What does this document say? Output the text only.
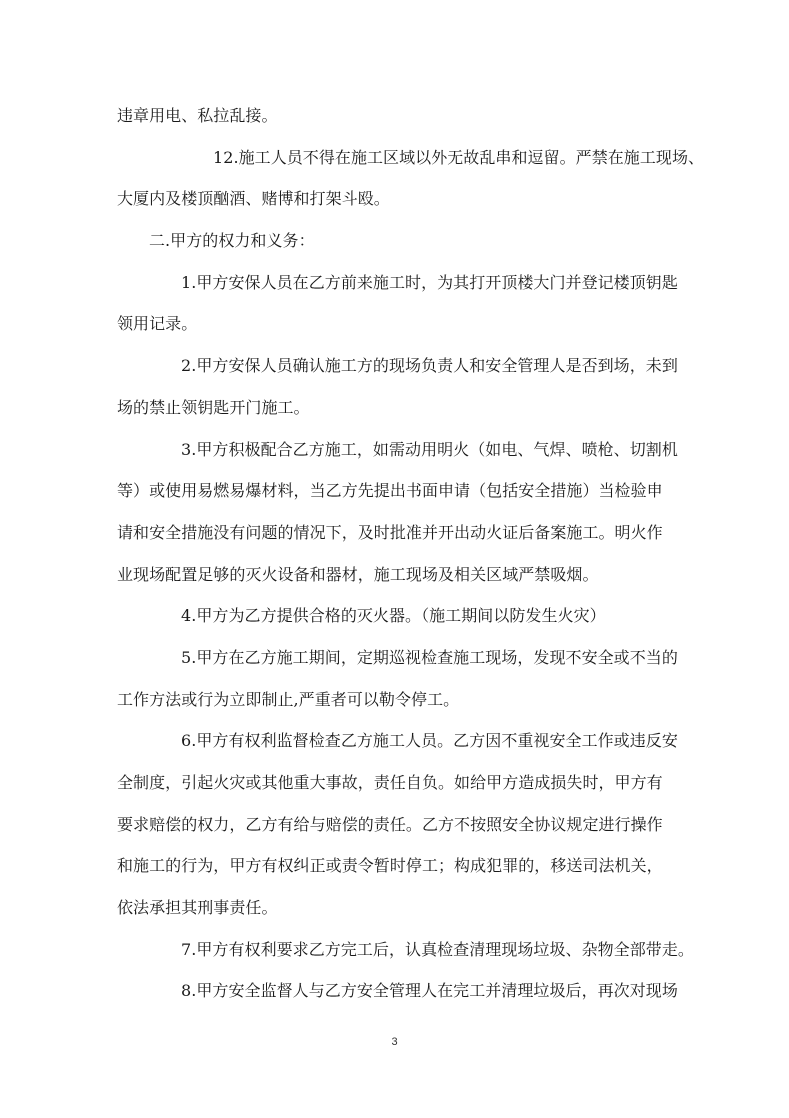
违章用电、私拉乱接。
12.施工人员不得在施工区域以外无故乱串和逗留。严禁在施工现场、
大厦内及楼顶酗酒、赌博和打架斗殴。
二.甲方的权力和义务：
1.甲方安保人员在乙方前来施工时，为其打开顶楼大门并登记楼顶钥匙
领用记录。
2.甲方安保人员确认施工方的现场负责人和安全管理人是否到场，未到
场的禁止领钥匙开门施工。
3.甲方积极配合乙方施工，如需动用明火（如电、气焊、喷枪、切割机
等）或使用易燃易爆材料，当乙方先提出书面申请（包括安全措施）当检验申
请和安全措施没有问题的情况下，及时批准并开出动火证后备案施工。明火作
业现场配置足够的灭火设备和器材，施工现场及相关区域严禁吸烟。
4.甲方为乙方提供合格的灭火器。（施工期间以防发生火灾）
5.甲方在乙方施工期间，定期巡视检查施工现场，发现不安全或不当的
工作方法或行为立即制止,严重者可以勒令停工。
6.甲方有权利监督检查乙方施工人员。乙方因不重视安全工作或违反安
全制度，引起火灾或其他重大事故，责任自负。如给甲方造成损失时，甲方有
要求赔偿的权力，乙方有给与赔偿的责任。乙方不按照安全协议规定进行操作
和施工的行为，甲方有权纠正或责令暂时停工；构成犯罪的，移送司法机关，
依法承担其刑事责任。
7.甲方有权利要求乙方完工后，认真检查清理现场垃圾、杂物全部带走。
8.甲方安全监督人与乙方安全管理人在完工并清理垃圾后，再次对现场
3
